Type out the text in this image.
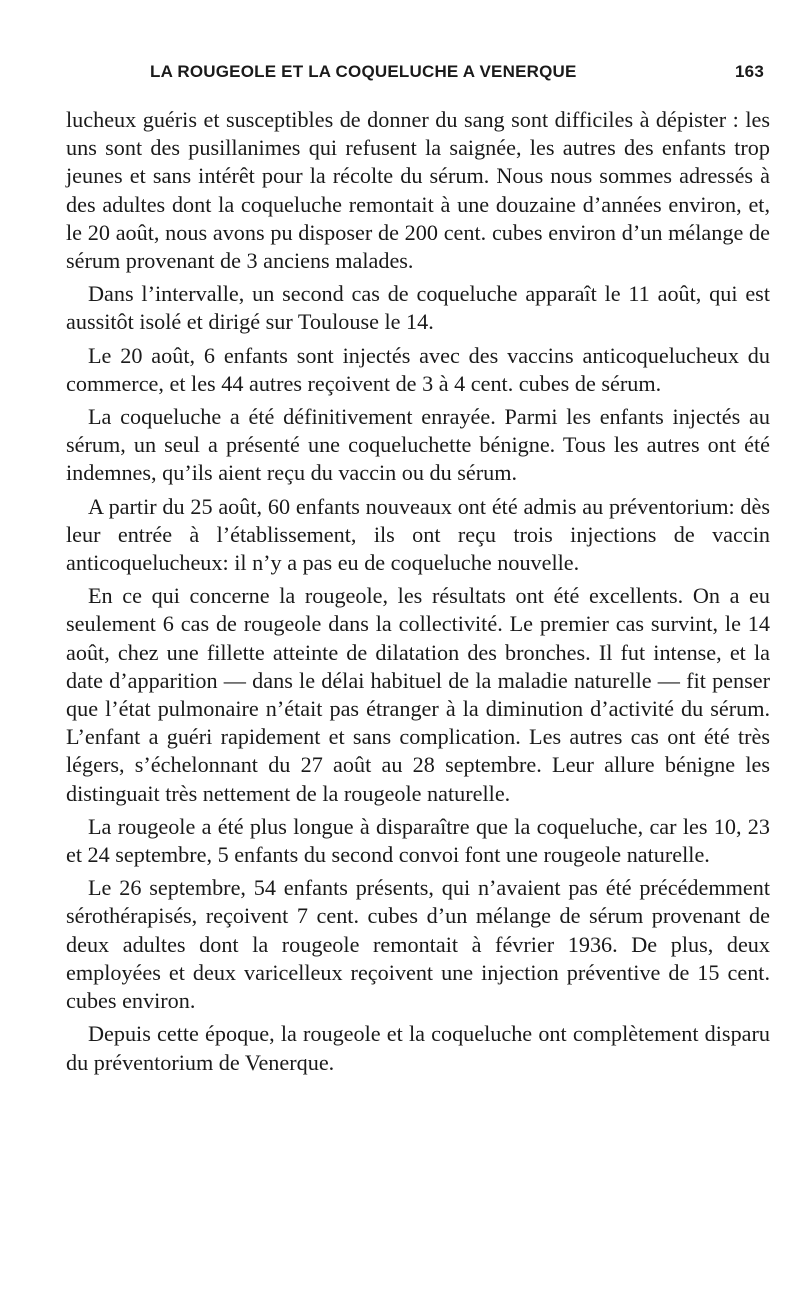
LA ROUGEOLE ET LA COQUELUCHE A VENERQUE	163

lucheux guéris et susceptibles de donner du sang sont difficiles à dépister : les uns sont des pusillanimes qui refusent la saignée, les autres des enfants trop jeunes et sans intérêt pour la récolte du sérum. Nous nous sommes adressés à des adultes dont la coqueluche remontait à une douzaine d’années environ, et, le 20 août, nous avons pu disposer de 200 cent. cubes environ d’un mélange de sérum provenant de 3 anciens malades.

Dans l’intervalle, un second cas de coqueluche apparaît le 11 août, qui est aussitôt isolé et dirigé sur Toulouse le 14.

Le 20 août, 6 enfants sont injectés avec des vaccins anticoquelucheux du commerce, et les 44 autres reçoivent de 3 à 4 cent. cubes de sérum.

La coqueluche a été définitivement enrayée. Parmi les enfants injectés au sérum, un seul a présenté une coqueluchette bénigne. Tous les autres ont été indemnes, qu’ils aient reçu du vaccin ou du sérum.

A partir du 25 août, 60 enfants nouveaux ont été admis au préventorium: dès leur entrée à l’établissement, ils ont reçu trois injections de vaccin anticoquelucheux: il n’y a pas eu de coqueluche nouvelle.

En ce qui concerne la rougeole, les résultats ont été excellents. On a eu seulement 6 cas de rougeole dans la collectivité. Le premier cas survint, le 14 août, chez une fillette atteinte de dilatation des bronches. Il fut intense, et la date d’apparition — dans le délai habituel de la maladie naturelle — fit penser que l’état pulmonaire n’était pas étranger à la diminution d’activité du sérum. L’enfant a guéri rapidement et sans complication. Les autres cas ont été très légers, s’échelonnant du 27 août au 28 septembre. Leur allure bénigne les distinguait très nettement de la rougeole naturelle.

La rougeole a été plus longue à disparaître que la coqueluche, car les 10, 23 et 24 septembre, 5 enfants du second convoi font une rougeole naturelle.

Le 26 septembre, 54 enfants présents, qui n’avaient pas été précédemment sérothérapisés, reçoivent 7 cent. cubes d’un mélange de sérum provenant de deux adultes dont la rougeole remontait à février 1936. De plus, deux employées et deux varicelleux reçoivent une injection préventive de 15 cent. cubes environ.

Depuis cette époque, la rougeole et la coqueluche ont complètement disparu du préventorium de Venerque.
